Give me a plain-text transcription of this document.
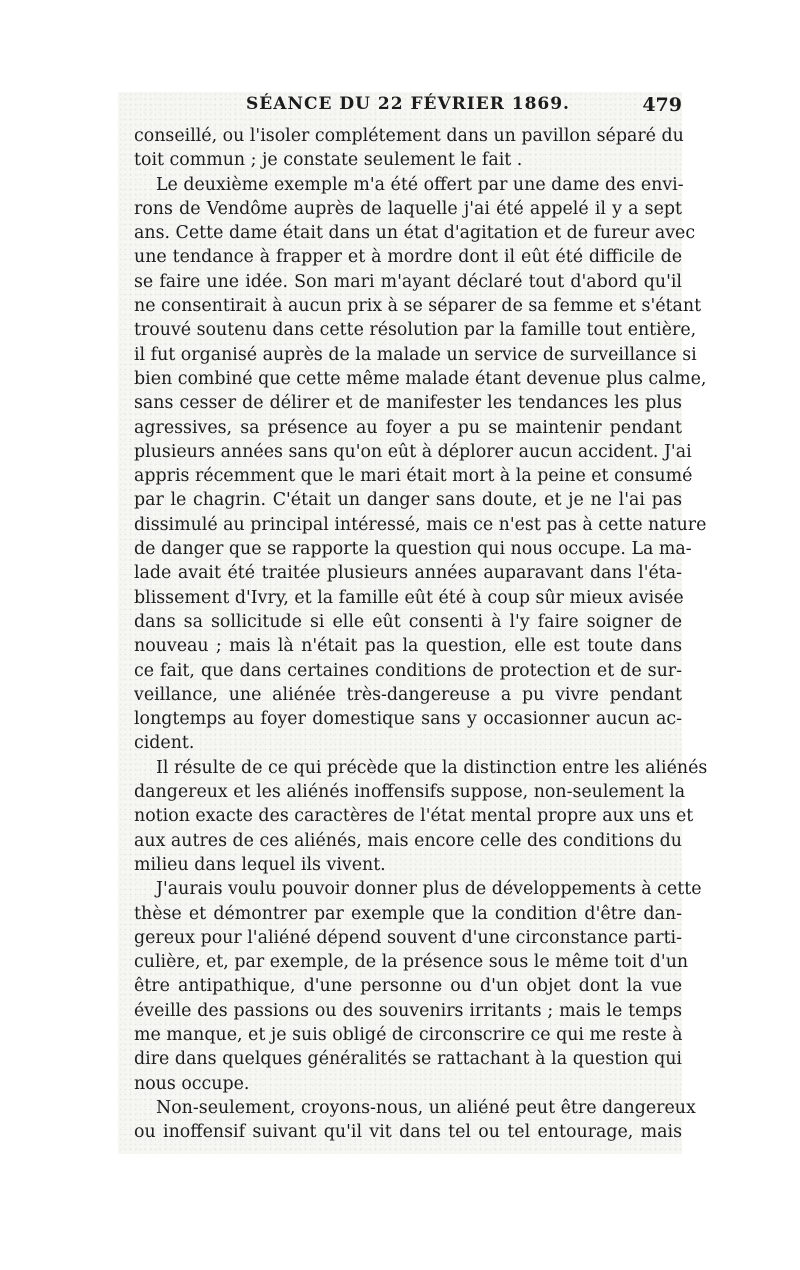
SÉANCE DU 22 FÉVRIER 1869.	479
conseillé, ou l'isoler complétement dans un pavillon séparé du
toit commun ; je constate seulement le fait .
Le deuxième exemple m'a été offert par une dame des envi-
rons de Vendôme auprès de laquelle j'ai été appelé il y a sept
ans. Cette dame était dans un état d'agitation et de fureur avec
une tendance à frapper et à mordre dont il eût été difficile de
se faire une idée. Son mari m'ayant déclaré tout d'abord qu'il
ne consentirait à aucun prix à se séparer de sa femme et s'étant
trouvé soutenu dans cette résolution par la famille tout entière,
il fut organisé auprès de la malade un service de surveillance si
bien combiné que cette même malade étant devenue plus calme,
sans cesser de délirer et de manifester les tendances les plus
agressives, sa présence au foyer a pu se maintenir pendant
plusieurs années sans qu'on eût à déplorer aucun accident. J'ai
appris récemment que le mari était mort à la peine et consumé
par le chagrin. C'était un danger sans doute, et je ne l'ai pas
dissimulé au principal intéressé, mais ce n'est pas à cette nature
de danger que se rapporte la question qui nous occupe. La ma-
lade avait été traitée plusieurs années auparavant dans l'éta-
blissement d'Ivry, et la famille eût été à coup sûr mieux avisée
dans sa sollicitude si elle eût consenti à l'y faire soigner de
nouveau ; mais là n'était pas la question, elle est toute dans
ce fait, que dans certaines conditions de protection et de sur-
veillance, une aliénée très-dangereuse a pu vivre pendant
longtemps au foyer domestique sans y occasionner aucun ac-
cident.
Il résulte de ce qui précède que la distinction entre les aliénés
dangereux et les aliénés inoffensifs suppose, non-seulement la
notion exacte des caractères de l'état mental propre aux uns et
aux autres de ces aliénés, mais encore celle des conditions du
milieu dans lequel ils vivent.
J'aurais voulu pouvoir donner plus de développements à cette
thèse et démontrer par exemple que la condition d'être dan-
gereux pour l'aliéné dépend souvent d'une circonstance parti-
culière, et, par exemple, de la présence sous le même toit d'un
être antipathique, d'une personne ou d'un objet dont la vue
éveille des passions ou des souvenirs irritants ; mais le temps
me manque, et je suis obligé de circonscrire ce qui me reste à
dire dans quelques généralités se rattachant à la question qui
nous occupe.
Non-seulement, croyons-nous, un aliéné peut être dangereux
ou inoffensif suivant qu'il vit dans tel ou tel entourage, mais
